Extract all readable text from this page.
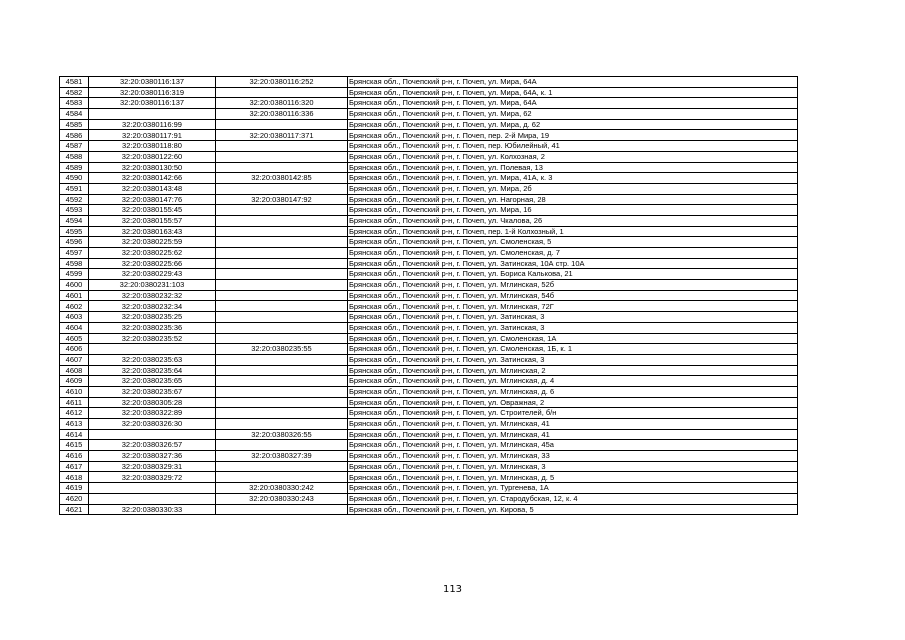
4581	32:20:0380116:137	32:20:0380116:252	Брянская обл., Почепский р-н, г. Почеп, ул. Мира, 64А
4582	32:20:0380116:319		Брянская обл., Почепский р-н, г. Почеп, ул. Мира, 64А, к. 1
4583	32:20:0380116:137	32:20:0380116:320	Брянская обл., Почепский р-н, г. Почеп, ул. Мира, 64А
4584		32:20:0380116:336	Брянская обл., Почепский р-н, г. Почеп, ул. Мира, 62
4585	32:20:0380116:99		Брянская обл., Почепский р-н, г. Почеп, ул. Мира, д. 62
4586	32:20:0380117:91	32:20:0380117:371	Брянская обл., Почепский р-н, г. Почеп, пер. 2-й Мира, 19
4587	32:20:0380118:80		Брянская обл., Почепский р-н, г. Почеп, пер. Юбилейный, 41
4588	32:20:0380122:60		Брянская обл., Почепский р-н, г. Почеп, ул. Колхозная, 2
4589	32:20:0380130:50		Брянская обл., Почепский р-н, г. Почеп, ул. Полевая, 13
4590	32:20:0380142:66	32:20:0380142:85	Брянская обл., Почепский р-н, г. Почеп, ул. Мира, 41А, к. 3
4591	32:20:0380143:48		Брянская обл., Почепский р-н, г. Почеп, ул. Мира, 2б
4592	32:20:0380147:76	32:20:0380147:92	Брянская обл., Почепский р-н, г. Почеп, ул. Нагорная, 28
4593	32:20:0380155:45		Брянская обл., Почепский р-н, г. Почеп, ул. Мира, 16
4594	32:20:0380155:57		Брянская обл., Почепский р-н, г. Почеп, ул. Чкалова, 26
4595	32:20:0380163:43		Брянская обл., Почепский р-н, г. Почеп, пер. 1-й Колхозный, 1
4596	32:20:0380225:59		Брянская обл., Почепский р-н, г. Почеп, ул. Смоленская, 5
4597	32:20:0380225:62		Брянская обл., Почепский р-н, г. Почеп, ул. Смоленская, д. 7
4598	32:20:0380225:66		Брянская обл., Почепский р-н, г. Почеп, ул. Затинская, 10А стр. 10А
4599	32:20:0380229:43		Брянская обл., Почепский р-н, г. Почеп, ул. Бориса Калькова, 21
4600	32:20:0380231:103		Брянская обл., Почепский р-н, г. Почеп, ул. Мглинская, 52б
4601	32:20:0380232:32		Брянская обл., Почепский р-н, г. Почеп, ул. Мглинская, 54б
4602	32:20:0380232:34		Брянская обл., Почепский р-н, г. Почеп, ул. Мглинская, 72Г
4603	32:20:0380235:25		Брянская обл., Почепский р-н, г. Почеп, ул. Затинская, 3
4604	32:20:0380235:36		Брянская обл., Почепский р-н, г. Почеп, ул. Затинская, 3
4605	32:20:0380235:52		Брянская обл., Почепский р-н, г. Почеп, ул. Смоленская, 1А
4606		32:20:0380235:55	Брянская обл., Почепский р-н, г. Почеп, ул. Смоленская, 1Б, к. 1
4607	32:20:0380235:63		Брянская обл., Почепский р-н, г. Почеп, ул. Затинская, 3
4608	32:20:0380235:64		Брянская обл., Почепский р-н, г. Почеп, ул. Мглинская, 2
4609	32:20:0380235:65		Брянская обл., Почепский р-н, г. Почеп, ул. Мглинская, д. 4
4610	32:20:0380235:67		Брянская обл., Почепский р-н, г. Почеп, ул. Мглинская, д. 6
4611	32:20:0380305:28		Брянская обл., Почепский р-н, г. Почеп, ул. Овражная, 2
4612	32:20:0380322:89		Брянская обл., Почепский р-н, г. Почеп, ул. Строителей, б/н
4613	32:20:0380326:30		Брянская обл., Почепский р-н, г. Почеп, ул. Мглинская, 41
4614		32:20:0380326:55	Брянская обл., Почепский р-н, г. Почеп, ул. Мглинская, 41
4615	32:20:0380326:57		Брянская обл., Почепский р-н, г. Почеп, ул. Мглинская, 45а
4616	32:20:0380327:36	32:20:0380327:39	Брянская обл., Почепский р-н, г. Почеп, ул. Мглинская, 33
4617	32:20:0380329:31		Брянская обл., Почепский р-н, г. Почеп, ул. Мглинская, 3
4618	32:20:0380329:72		Брянская обл., Почепский р-н, г. Почеп, ул. Мглинская, д. 5
4619		32:20:0380330:242	Брянская обл., Почепский р-н, г. Почеп, ул. Тургенева, 1А
4620		32:20:0380330:243	Брянская обл., Почепский р-н, г. Почеп, ул. Стародубская, 12, к. 4
4621	32:20:0380330:33		Брянская обл., Почепский р-н, г. Почеп, ул. Кирова, 5
113
